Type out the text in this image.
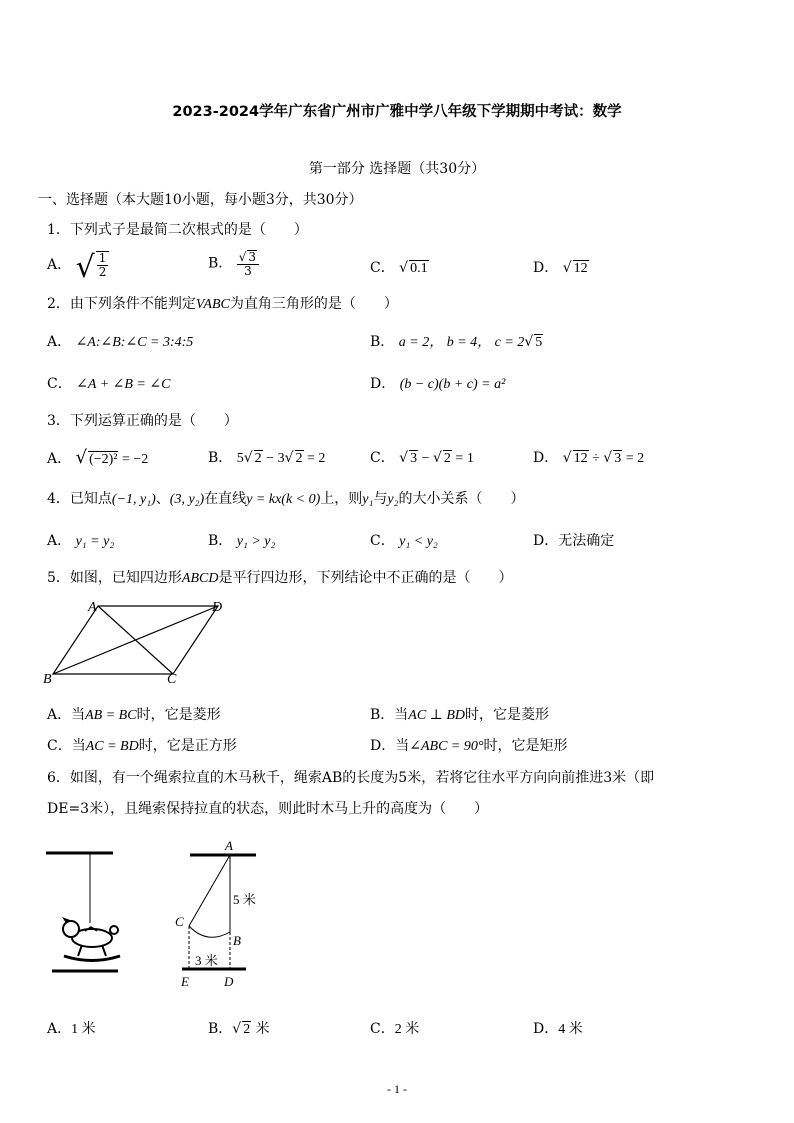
2023-2024学年广东省广州市广雅中学八年级下学期期中考试：数学
第一部分 选择题（共30分）
一、选择题（本大题10小题，每小题3分，共30分）
1．下列式子是最简二次根式的是（　　）
A． √ $\frac{1}{2}$	B． $\frac{√ 3}{3}$	C． √ 0.1	D． √ 12
2．由下列条件不能判定VABC为直角三角形的是（　　）
A． ∠A:∠B:∠C = 3:4:5	B． a = 2， b = 4， c = 2√ 5
C． ∠A + ∠B = ∠C	D． (b − c)(b + c) = a²
3．下列运算正确的是（　　）
A． √ (−2)² = −2	B． 5√ 2 − 3√ 2 = 2	C． √ 3 − √ 2 = 1	D． √ 12 ÷ √ 3 = 2
4．已知点(−1, y₁)、(3, y₂)在直线y = kx(k < 0)上，则y₁与y₂的大小关系（　　）
A． y₁ = y₂	B． y₁ > y₂	C． y₁ < y₂	D．无法确定
5．如图，已知四边形ABCD是平行四边形，下列结论中不正确的是（　　）
A	D
B	C
A．当AB = BC时，它是菱形	B．当AC ⊥ BD时，它是菱形
C．当AC = BD时，它是正方形	D．当∠ABC = 90°时，它是矩形
6．如图，有一个绳索拉直的木马秋千，绳索AB的长度为5米，若将它往水平方向向前推进3米（即
DE=3米），且绳索保持拉直的状态，则此时木马上升的高度为（　　）
A
5 米
C
B
3 米
E	D
A．1 米	B．√ 2 米	C．2 米	D．4 米
- 1 -
